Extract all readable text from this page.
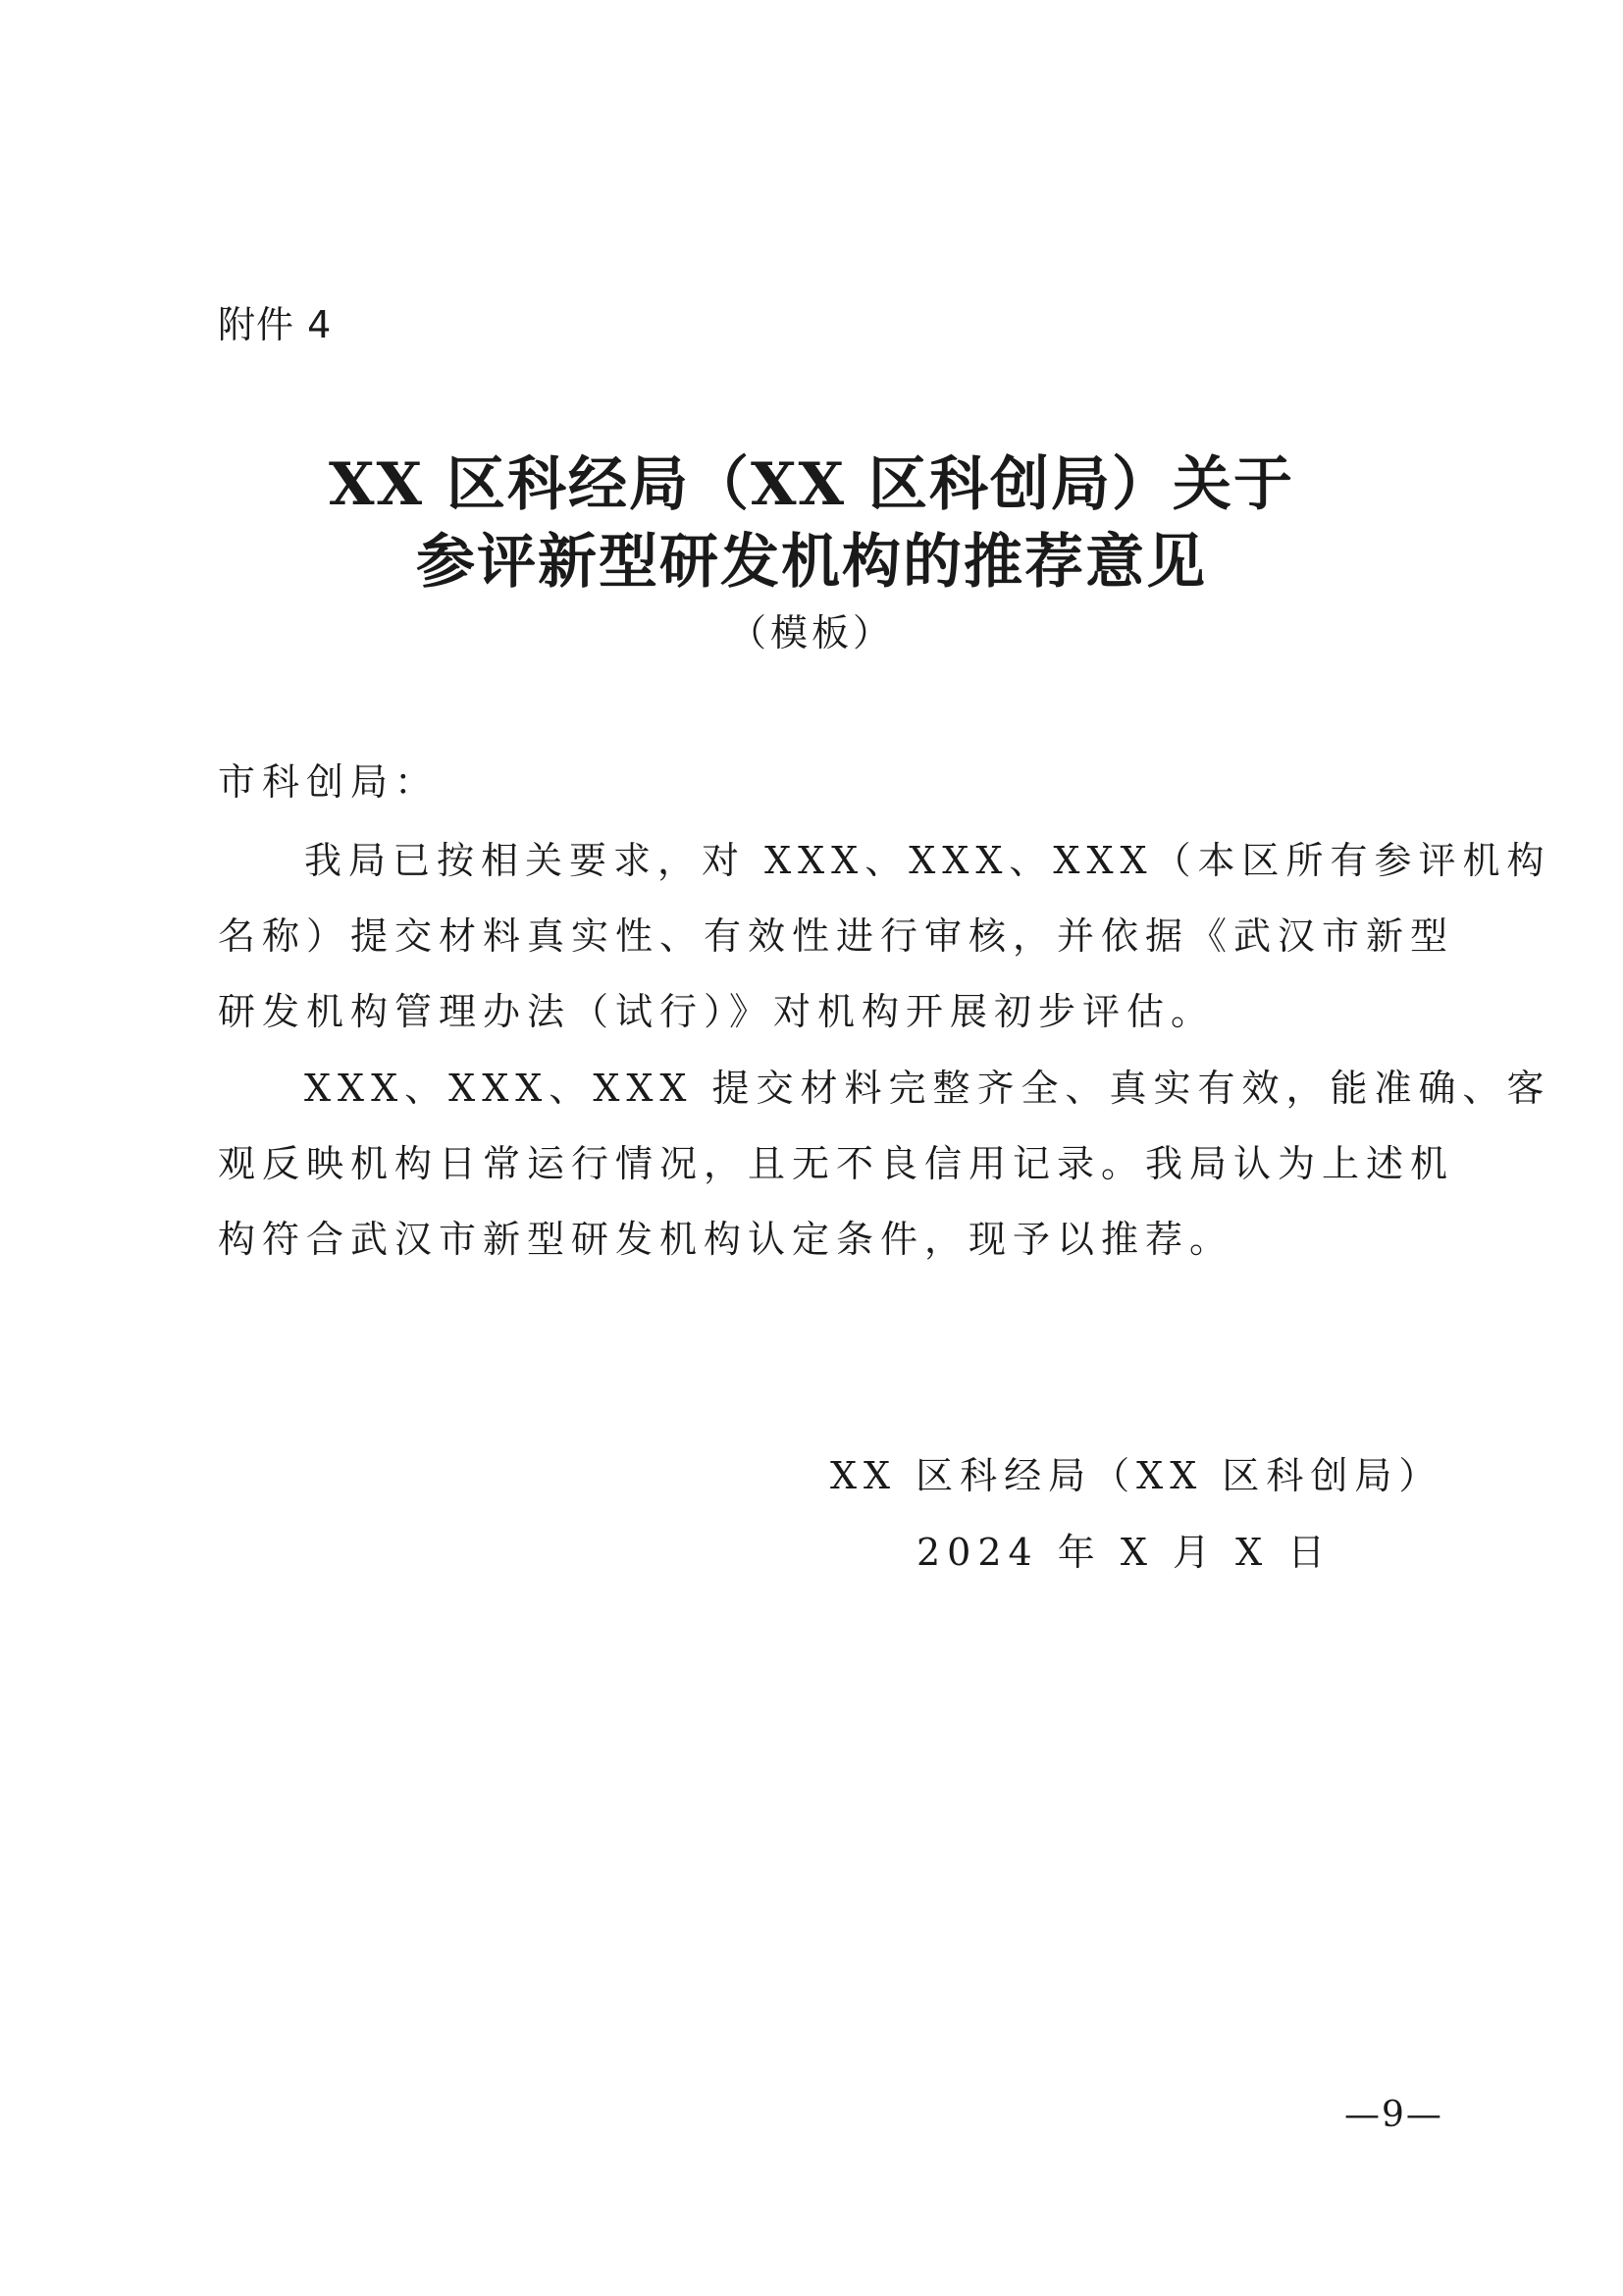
附件 4
XX 区科经局（XX 区科创局）关于
参评新型研发机构的推荐意见
（模板）
市科创局：
我局已按相关要求，对 XXX、XXX、XXX（本区所有参评机构
名称）提交材料真实性、有效性进行审核，并依据《武汉市新型
研发机构管理办法（试行）》对机构开展初步评估。
XXX、XXX、XXX 提交材料完整齐全、真实有效，能准确、客
观反映机构日常运行情况，且无不良信用记录。我局认为上述机
构符合武汉市新型研发机构认定条件，现予以推荐。
XX 区科经局（XX 区科创局）
2024 年 X 月 X 日
—9—
